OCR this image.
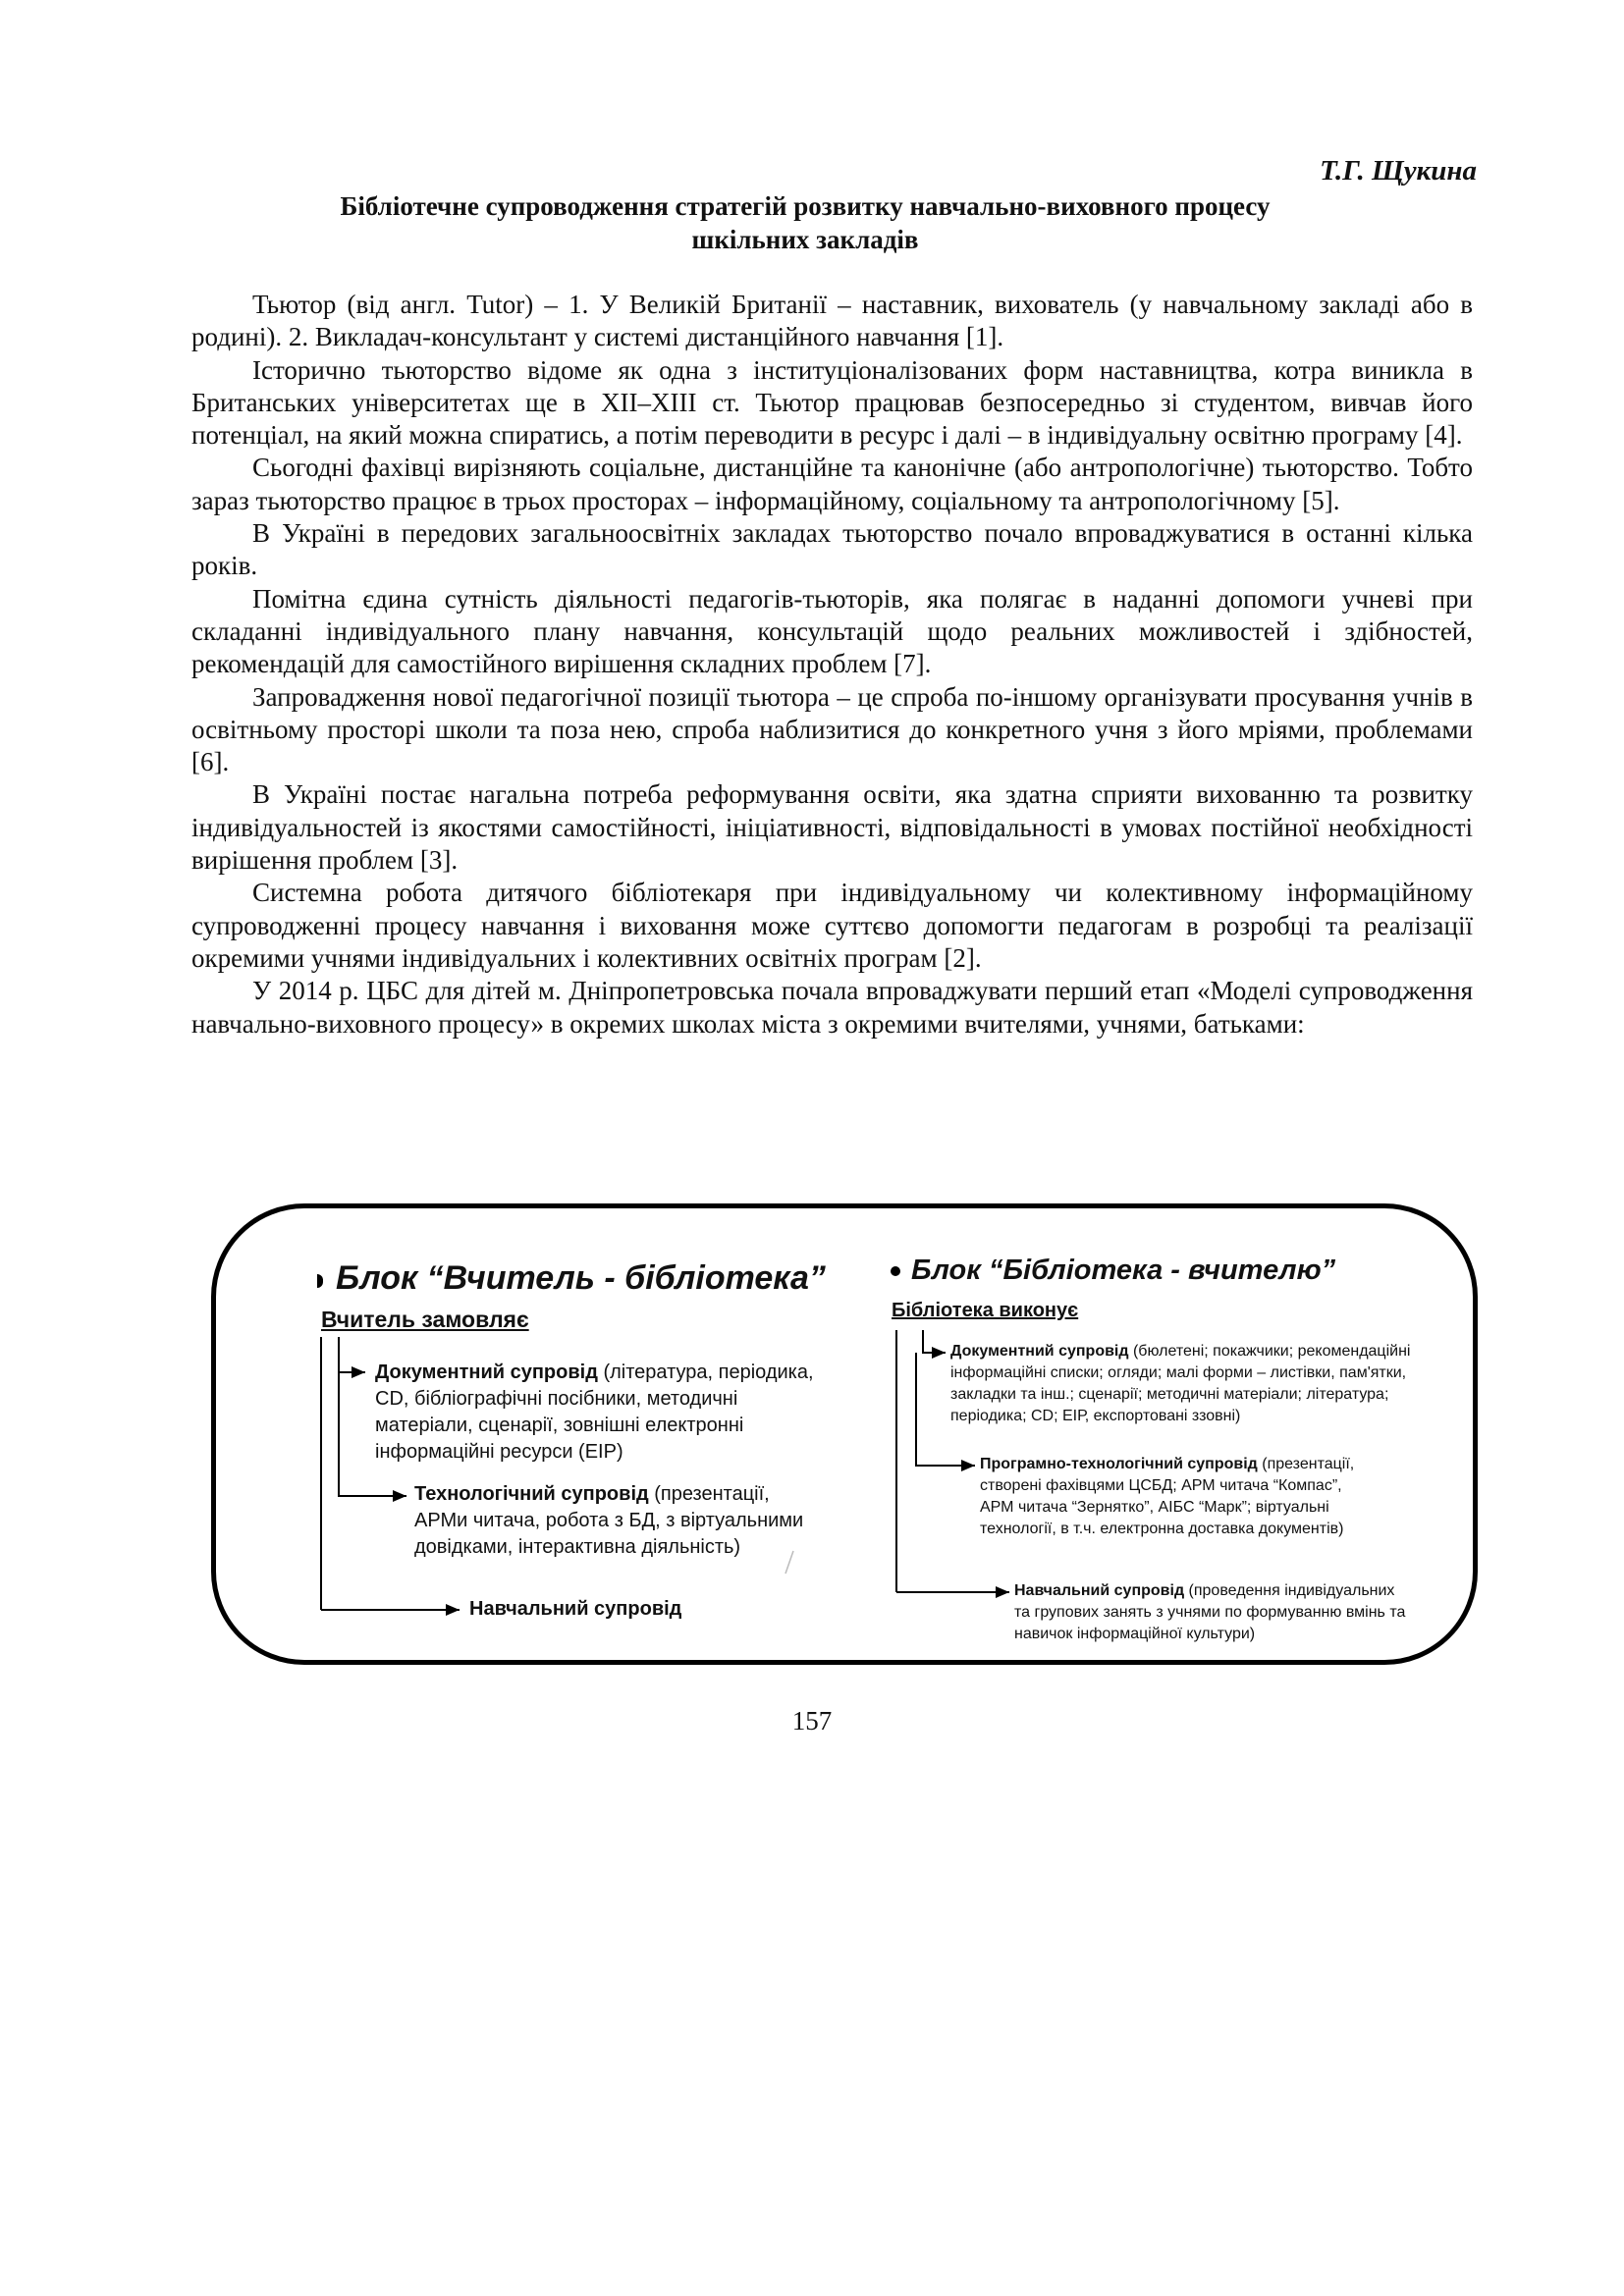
Т.Г. Щукина
Бібліотечне супроводження стратегій розвитку навчально-виховного процесу
шкільних закладів

Тьютор (від англ. Tutor) – 1. У Великій Британії – наставник, вихователь (у навчальному закладі або в родині). 2. Викладач-консультант у системі дистанційного навчання [1].

Історично тьюторство відоме як одна з інституціоналізованих форм наставництва, котра виникла в Британських університетах ще в XII–XIII ст. Тьютор працював безпосередньо зі студентом, вивчав його потенціал, на який можна спиратись, а потім переводити в ресурс і далі – в індивідуальну освітню програму [4].

Сьогодні фахівці вирізняють соціальне, дистанційне та канонічне (або антропологічне) тьюторство. Тобто зараз тьюторство працює в трьох просторах – інформаційному, соціальному та антропологічному [5].

В Україні в передових загальноосвітніх закладах тьюторство почало впроваджуватися в останні кілька років.

Помітна єдина сутність діяльності педагогів-тьюторів, яка полягає в наданні допомоги учневі при складанні індивідуального плану навчання, консультацій щодо реальних можливостей і здібностей, рекомендацій для самостійного вирішення складних проблем [7].

Запровадження нової педагогічної позиції тьютора – це спроба по-іншому організувати просування учнів в освітньому просторі школи та поза нею, спроба наблизитися до конкретного учня з його мріями, проблемами [6].

В Україні постає нагальна потреба реформування освіти, яка здатна сприяти вихованню та розвитку індивідуальностей із якостями самостійності, ініціативності, відповідальності в умовах постійної необхідності вирішення проблем [3].

Системна робота дитячого бібліотекаря при індивідуальному чи колективному інформаційному супроводженні процесу навчання і виховання може суттєво допомогти педагогам в розробці та реалізації окремими учнями індивідуальних і колективних освітніх програм [2].

У 2014 р. ЦБС для дітей м. Дніпропетровська почала впроваджувати перший етап «Моделі супроводження навчально-виховного процесу» в окремих школах міста з окремими вчителями, учнями, батьками:

Блок “Вчитель - бібліотека”
Вчитель замовляє
Документний супровід (література, періодика, CD, бібліографічні посібники, методичні матеріали, сценарії, зовнішні електронні інформаційні ресурси (ЕІР)
Технологічний супровід (презентації, АРМи читача, робота з БД, з віртуальними довідками, інтерактивна діяльність)
Навчальний супровід
Блок “Бібліотека - вчителю”
Бібліотека виконує
Документний супровід (бюлетені; покажчики; рекомендаційні інформаційні списки; огляди; малі форми – листівки, пам'ятки, закладки та інш.; сценарії; методичні матеріали; література; періодика; CD; ЕІР, експортовані ззовні)
Програмно-технологічний супровід (презентації, створені фахівцями ЦСБД; АРМ читача “Компас”, АРМ читача “Зернятко”, АІБС “Марк”; віртуальні технології, в т.ч. електронна доставка документів)
Навчальний супровід (проведення індивідуальних та групових занять з учнями по формуванню вмінь та навичок інформаційної культури)
157
